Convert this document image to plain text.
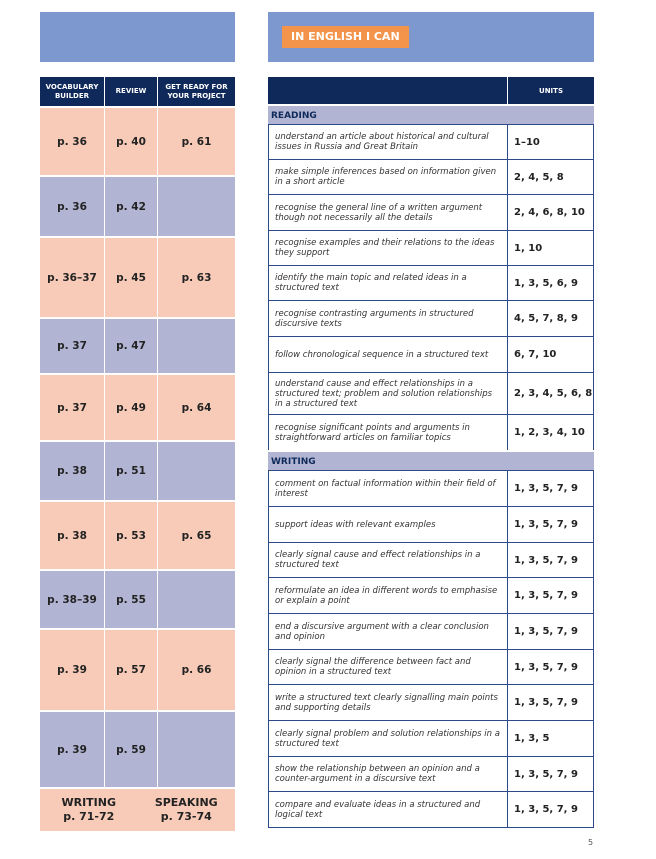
IN ENGLISH I CAN
VOCABULARY BUILDER
REVIEW
GET READY FOR YOUR PROJECT
p. 36	p. 40	p. 61
p. 36	p. 42
p. 36–37	p. 45	p. 63
p. 37	p. 47
p. 37	p. 49	p. 64
p. 38	p. 51
p. 38	p. 53	p. 65
p. 38–39	p. 55
p. 39	p. 57	p. 66
p. 39	p. 59
WRITING
p. 71-72
SPEAKING
p. 73-74
UNITS
READING
understand an article about historical and cultural issues in Russia and Great Britain	1–10
make simple inferences based on information given in a short article	2, 4, 5, 8
recognise the general line of a written argument though not necessarily all the details	2, 4, 6, 8, 10
recognise examples and their relations to the ideas they support	1, 10
identify the main topic and related ideas in a structured text	1, 3, 5, 6, 9
recognise contrasting arguments in structured discursive texts	4, 5, 7, 8, 9
follow chronological sequence in a structured text	6, 7, 10
understand cause and effect relationships in a structured text; problem and solution relationships in a structured text
2, 3, 4, 5, 6, 8
recognise significant points and arguments in straightforward articles on familiar topics	1, 2, 3, 4, 10
WRITING
comment on factual information within their field of interest	1, 3, 5, 7, 9
support ideas with relevant examples	1, 3, 5, 7, 9
clearly signal cause and effect relationships in a structured text	1, 3, 5, 7, 9
reformulate an idea in different words to emphasise or explain a point	1, 3, 5, 7, 9
end a discursive argument with a clear conclusion and opinion	1, 3, 5, 7, 9
clearly signal the difference between fact and opinion in a structured text	1, 3, 5, 7, 9
write a structured text clearly signalling main points and supporting details	1, 3, 5, 7, 9
clearly signal problem and solution relationships in a structured text	1, 3, 5
show the relationship between an opinion and a counter-argument in a discursive text	1, 3, 5, 7, 9
compare and evaluate ideas in a structured and logical text	1, 3, 5, 7, 9
5
